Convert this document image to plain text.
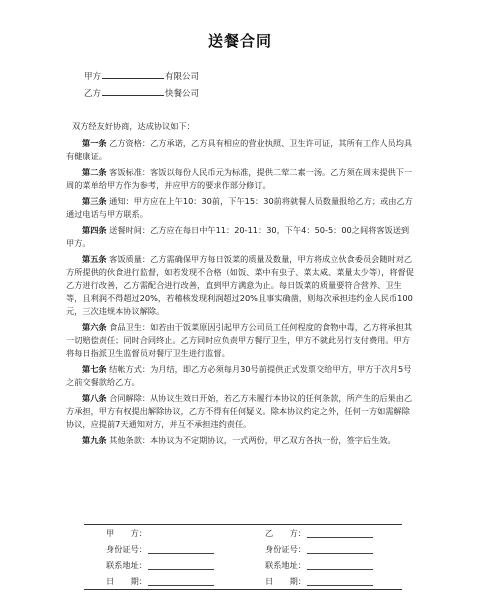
送餐合同
甲方	有限公司
乙方	快餐公司

双方经友好协商，达成协议如下：

第一条 乙方资格：乙方承诺，乙方具有相应的营业执照、卫生许可证，其所有工作人员均具有健康证。

第二条 客饭标准：客饭以每份人民币元为标准，提供二荤二素一汤。乙方须在周末提供下一周的菜单给甲方作为参考，并应甲方的要求作部分修订。

第三条 通知：甲方应在上午10：30前，下午15：30前将就餐人员数量报给乙方；或由乙方通过电话与甲方联系。

第四条 送餐时间：乙方应在每日中午11：20-11：30，下午4：50-5：00之间将客饭送到甲方。

第五条 客饭质量：乙方需确保甲方每日饭菜的质量及数量，甲方将成立伙食委员会随时对乙方所提供的伙食进行监督，如若发现不合格（如饭、菜中有虫子、菜太咸、菜量太少等），将督促乙方进行改善，乙方需配合进行改善，直到甲方满意为止。每日饭菜的质量要符合营养、卫生等，且利润不得超过20%，若稽核发现利润超过20%且事实确凿，则每次承担违约金人民币100元，三次违规本协议解除。

第六条 食品卫生：如若由于饭菜原因引起甲方公司员工任何程度的食物中毒，乙方将承担其一切赔偿责任；同时合同终止。乙方同时应负责甲方餐厅卫生，甲方不就此另行支付费用。甲方将每日指派卫生监督员对餐厅卫生进行监督。

第七条 结帐方式：为月结，即乙方必须每月30号前提供正式发票交给甲方，甲方于次月5号之前交餐款给乙方。

第八条 合同解除：从协议生效日开始，若乙方未履行本协议的任何条款，所产生的后果由乙方承担，甲方有权提出解除协议，乙方不得有任何疑义。除本协议约定之外，任何一方如需解除协议，应提前7天通知对方，并互不承担违约责任。

第九条 其他条款：本协议为不定期协议，一式两份，甲乙双方各执一份，签字后生效。

甲　　方：	乙　　方：
身份证号：	身份证号：
联系地址：	联系地址：
日　　期：	日　　期：
